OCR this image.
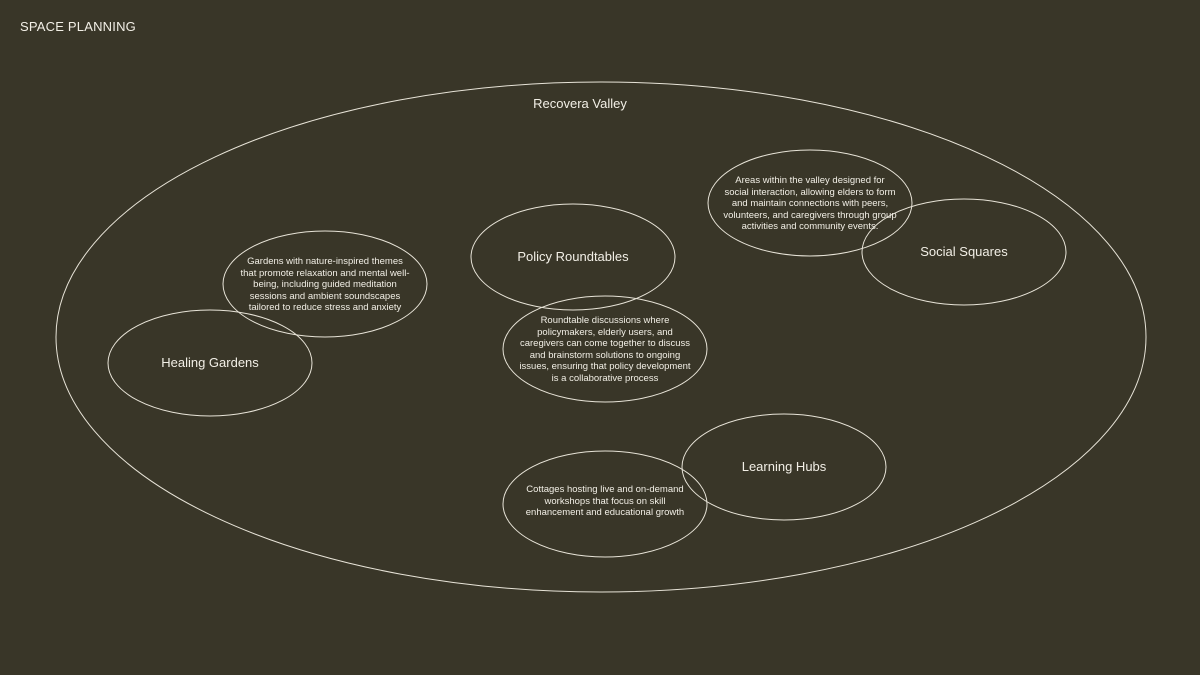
SPACE PLANNING
Recovera Valley
Gardens with nature-inspired themes that promote relaxation and mental well-being, including guided meditation sessions and ambient soundscapes tailored to reduce stress and anxiety
Healing Gardens
Policy Roundtables
Roundtable discussions where policymakers, elderly users, and caregivers can come together to discuss and brainstorm solutions to ongoing issues, ensuring that policy development is a collaborative process
Areas within the valley designed for social interaction, allowing elders to form and maintain connections with peers, volunteers, and caregivers through group activities and community events.
Social Squares
Cottages hosting live and on-demand workshops that focus on skill enhancement and educational growth
Learning Hubs
